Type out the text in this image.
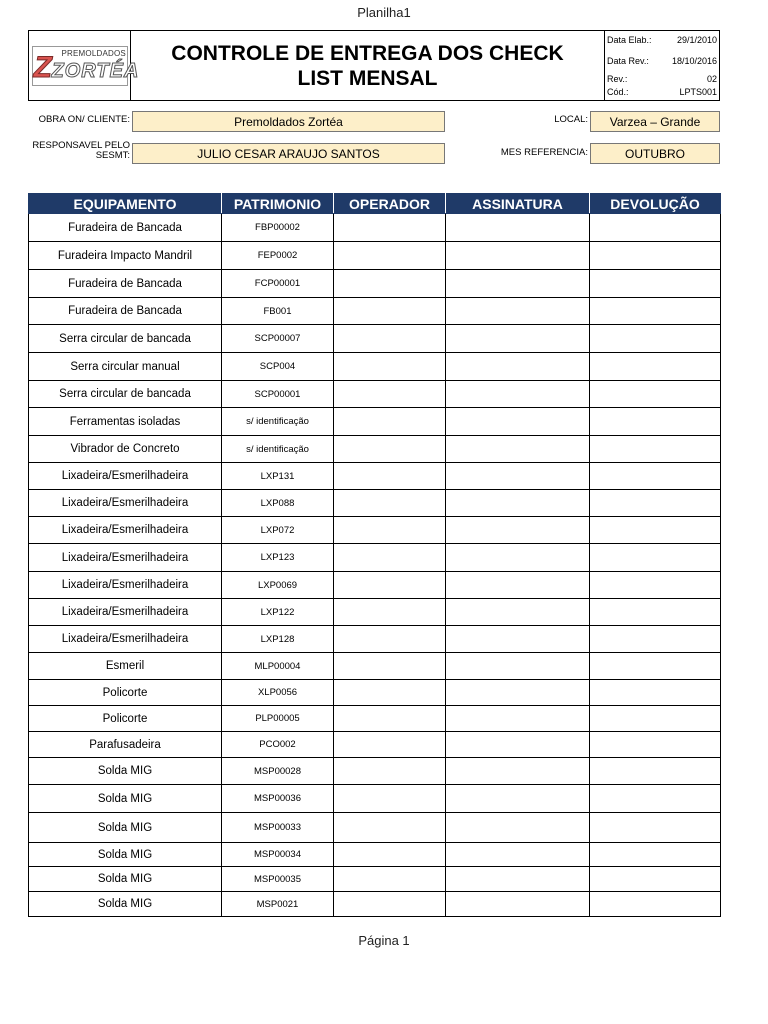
Planilha1
Z PREMOLDADOS
ZORTÉA
CONTROLE DE ENTREGA DOS CHECK LIST MENSAL
Data Elab.:	29/1/2010
Data Rev.:	18/10/2016
Rev.:	02
Cód.:	LPTS001
OBRA ON/ CLIENTE:	Premoldados Zortéa	LOCAL:	Varzea – Grande
RESPONSAVEL PELO
SESMT:	JULIO CESAR ARAUJO SANTOS	MES REFERENCIA:	OUTUBRO
EQUIPAMENTO	PATRIMONIO	OPERADOR	ASSINATURA	DEVOLUÇÃO
Furadeira de Bancada	FBP00002			
Furadeira Impacto Mandril	FEP0002			
Furadeira de Bancada	FCP00001			
Furadeira de Bancada	FB001			
Serra circular de bancada	SCP00007			
Serra circular manual	SCP004			
Serra circular de bancada	SCP00001			
Ferramentas isoladas	s/ identificação			
Vibrador de Concreto	s/ identificação			
Lixadeira/Esmerilhadeira	LXP131			
Lixadeira/Esmerilhadeira	LXP088			
Lixadeira/Esmerilhadeira	LXP072			
Lixadeira/Esmerilhadeira	LXP123			
Lixadeira/Esmerilhadeira	LXP0069			
Lixadeira/Esmerilhadeira	LXP122			
Lixadeira/Esmerilhadeira	LXP128			
Esmeril	MLP00004			
Policorte	XLP0056			
Policorte	PLP00005			
Parafusadeira	PCO002			
Solda MIG	MSP00028			
Solda MIG	MSP00036			
Solda MIG	MSP00033			
Solda MIG	MSP00034			
Solda MIG	MSP00035			
Solda MIG	MSP0021			
Página 1
